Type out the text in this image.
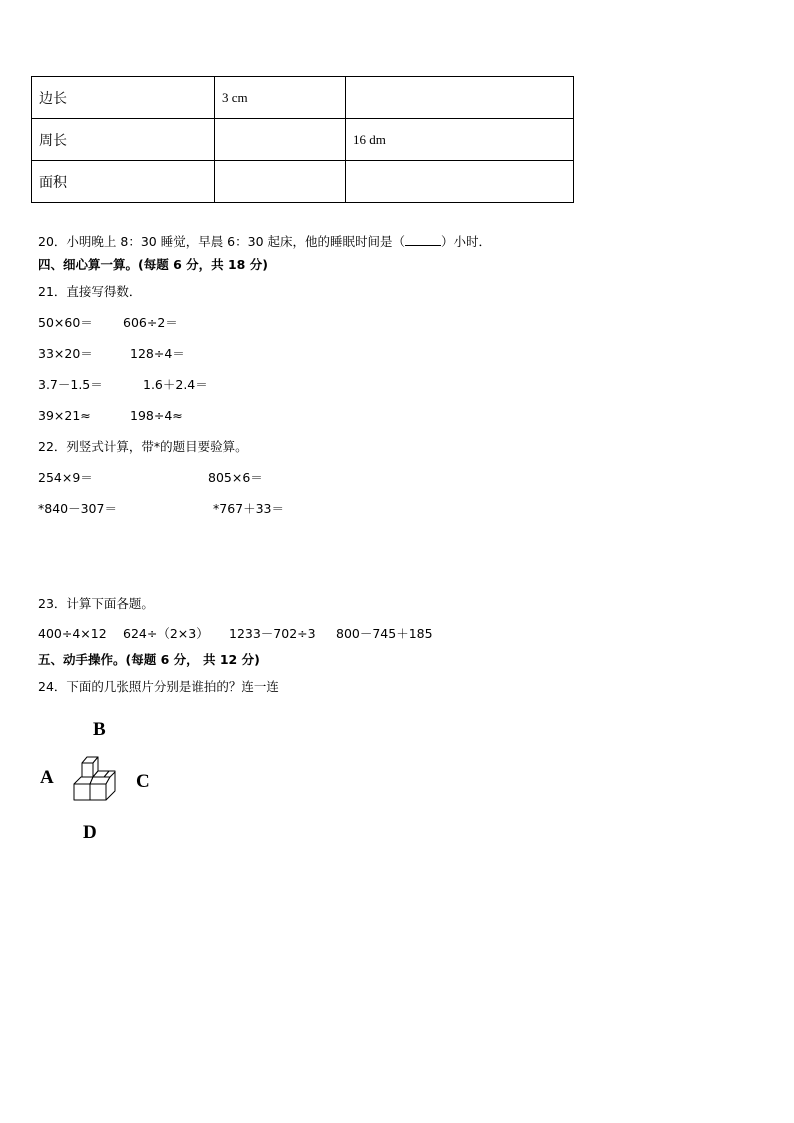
边长	3 cm	
周长		16 dm
面积		
20．小明晚上 8：30 睡觉，早晨 6：30 起床，他的睡眠时间是（	）小时．
四、细心算一算。(每题 6 分，共 18 分)
21．直接写得数．
50×60＝ 606÷2＝
33×20＝	128÷4＝
3.7－1.5＝	1.6＋2.4＝
39×21≈	198÷4≈
22．列竖式计算，带*的题目要验算。
254×9＝	805×6＝
*840－307＝	*767＋33＝
23．计算下面各题。
400÷4×12 624÷（2×3） 1233－702÷3 800－745＋185
五、动手操作。(每题 6 分， 共 12 分)
24．下面的几张照片分别是谁拍的？连一连
B
A	C
D
